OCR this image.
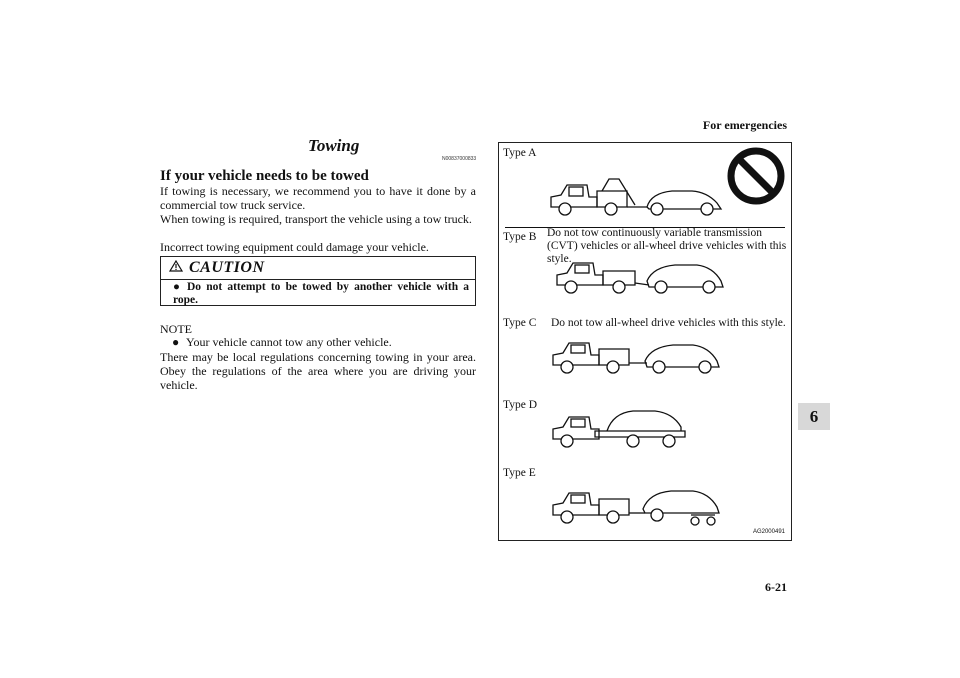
For emergencies
6-21
6
Towing
N00837000833
If your vehicle needs to be towed
If towing is necessary, we recommend you to have it done by a commercial tow truck service.
When towing is required, transport the vehicle using a tow truck.
Incorrect towing equipment could damage your vehicle.
CAUTION
● Do not attempt to be towed by another vehicle with a rope.
NOTE
● Your vehicle cannot tow any other vehicle.
There may be local regulations concerning towing in your area. Obey the regulations of the area where you are driving your vehicle.
Type A
Type B Do not tow continuously variable transmission (CVT) vehicles or all-wheel drive vehicles with this style.
Type C Do not tow all-wheel drive vehicles with this style.
Type D
Type E
AG2000491
